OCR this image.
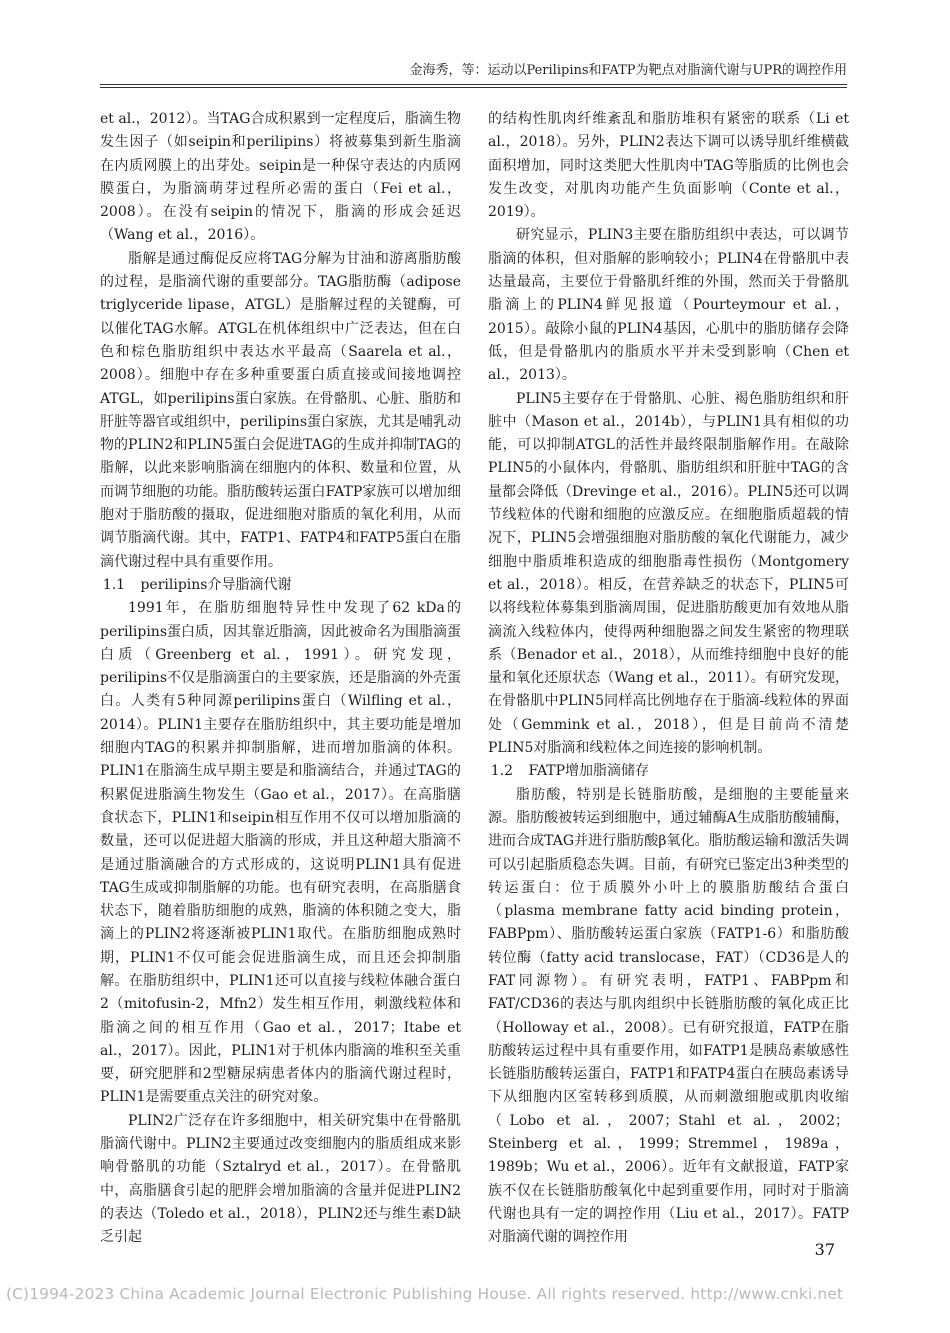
金海秀，等：运动以Perilipins和FATP为靶点对脂滴代谢与UPR的调控作用

et al.，2012）。当TAG合成积累到一定程度后，脂滴生物发生因子（如seipin和perilipins）将被募集到新生脂滴在内质网膜上的出芽处。seipin是一种保守表达的内质网膜蛋白，为脂滴萌芽过程所必需的蛋白（Fei et al.，2008）。在没有seipin的情况下，脂滴的形成会延迟（Wang et al.，2016）。

脂解是通过酶促反应将TAG分解为甘油和游离脂肪酸的过程，是脂滴代谢的重要部分。TAG脂肪酶（adipose triglyceride lipase，ATGL）是脂解过程的关键酶，可以催化TAG水解。ATGL在机体组织中广泛表达，但在白色和棕色脂肪组织中表达水平最高（Saarela et al.，2008）。细胞中存在多种重要蛋白质直接或间接地调控ATGL，如perilipins蛋白家族。在骨骼肌、心脏、脂肪和肝脏等器官或组织中，perilipins蛋白家族，尤其是哺乳动物的PLIN2和PLIN5蛋白会促进TAG的生成并抑制TAG的脂解，以此来影响脂滴在细胞内的体积、数量和位置，从而调节细胞的功能。脂肪酸转运蛋白FATP家族可以增加细胞对于脂肪酸的摄取，促进细胞对脂质的氧化利用，从而调节脂滴代谢。其中，FATP1、FATP4和FATP5蛋白在脂滴代谢过程中具有重要作用。

1.1 perilipins介导脂滴代谢

1991年，在脂肪细胞特异性中发现了62 kDa的perilipins蛋白质，因其靠近脂滴，因此被命名为围脂滴蛋白质（Greenberg et al.，1991）。研究发现，perilipins不仅是脂滴蛋白的主要家族，还是脂滴的外壳蛋白。人类有5种同源perilipins蛋白（Wilfling et al.，2014）。PLIN1主要存在脂肪组织中，其主要功能是增加细胞内TAG的积累并抑制脂解，进而增加脂滴的体积。PLIN1在脂滴生成早期主要是和脂滴结合，并通过TAG的积累促进脂滴生物发生（Gao et al.，2017）。在高脂膳食状态下，PLIN1和seipin相互作用不仅可以增加脂滴的数量，还可以促进超大脂滴的形成，并且这种超大脂滴不是通过脂滴融合的方式形成的，这说明PLIN1具有促进TAG生成或抑制脂解的功能。也有研究表明，在高脂膳食状态下，随着脂肪细胞的成熟，脂滴的体积随之变大，脂滴上的PLIN2将逐渐被PLIN1取代。在脂肪细胞成熟时期，PLIN1不仅可能会促进脂滴生成，而且还会抑制脂解。在脂肪组织中，PLIN1还可以直接与线粒体融合蛋白2（mitofusin-2，Mfn2）发生相互作用，刺激线粒体和脂滴之间的相互作用（Gao et al.，2017；Itabe et al.，2017）。因此，PLIN1对于机体内脂滴的堆积至关重要，研究肥胖和2型糖尿病患者体内的脂滴代谢过程时，PLIN1是需要重点关注的研究对象。

PLIN2广泛存在许多细胞中，相关研究集中在骨骼肌脂滴代谢中。PLIN2主要通过改变细胞内的脂质组成来影响骨骼肌的功能（Sztalryd et al.，2017）。在骨骼肌中，高脂膳食引起的肥胖会增加脂滴的含量并促进PLIN2的表达（Toledo et al.，2018），PLIN2还与维生素D缺乏引起

的结构性肌肉纤维紊乱和脂肪堆积有紧密的联系（Li et al.，2018）。另外，PLIN2表达下调可以诱导肌纤维横截面积增加，同时这类肥大性肌肉中TAG等脂质的比例也会发生改变，对肌肉功能产生负面影响（Conte et al.，2019）。

研究显示，PLIN3主要在脂肪组织中表达，可以调节脂滴的体积，但对脂解的影响较小；PLIN4在骨骼肌中表达量最高，主要位于骨骼肌纤维的外围，然而关于骨骼肌脂滴上的PLIN4鲜见报道（Pourteymour et al.，2015）。敲除小鼠的PLIN4基因，心肌中的脂肪储存会降低，但是骨骼肌内的脂质水平并未受到影响（Chen et al.，2013）。

PLIN5主要存在于骨骼肌、心脏、褐色脂肪组织和肝脏中（Mason et al.，2014b），与PLIN1具有相似的功能，可以抑制ATGL的活性并最终限制脂解作用。在敲除PLIN5的小鼠体内，骨骼肌、脂肪组织和肝脏中TAG的含量都会降低（Drevinge et al.，2016）。PLIN5还可以调节线粒体的代谢和细胞的应激反应。在细胞脂质超载的情况下，PLIN5会增强细胞对脂肪酸的氧化代谢能力，减少细胞中脂质堆积造成的细胞脂毒性损伤（Montgomery et al.，2018）。相反，在营养缺乏的状态下，PLIN5可以将线粒体募集到脂滴周围，促进脂肪酸更加有效地从脂滴流入线粒体内，使得两种细胞器之间发生紧密的物理联系（Benador et al.，2018），从而维持细胞中良好的能量和氧化还原状态（Wang et al.，2011）。有研究发现，在骨骼肌中PLIN5同样高比例地存在于脂滴-线粒体的界面处（Gemmink et al.，2018），但是目前尚不清楚PLIN5对脂滴和线粒体之间连接的影响机制。

1.2 FATP增加脂滴储存

脂肪酸，特别是长链脂肪酸，是细胞的主要能量来源。脂肪酸被转运到细胞中，通过辅酶A生成脂肪酸辅酶，进而合成TAG并进行脂肪酸β氧化。脂肪酸运输和激活失调可以引起脂质稳态失调。目前，有研究已鉴定出3种类型的转运蛋白：位于质膜外小叶上的膜脂肪酸结合蛋白（plasma membrane fatty acid binding protein，FABPpm）、脂肪酸转运蛋白家族（FATP1-6）和脂肪酸转位酶（fatty acid translocase，FAT）（CD36是人的FAT同源物）。有研究表明，FATP1、FABPpm和FAT/CD36的表达与肌肉组织中长链脂肪酸的氧化成正比（Holloway et al.，2008）。已有研究报道，FATP在脂肪酸转运过程中具有重要作用，如FATP1是胰岛素敏感性长链脂肪酸转运蛋白，FATP1和FATP4蛋白在胰岛素诱导下从细胞内区室转移到质膜，从而刺激细胞或肌肉收缩（Lobo et al.，2007；Stahl et al.，2002；Steinberg et al.，1999；Stremmel，1989a，1989b；Wu et al.，2006）。近年有文献报道，FATP家族不仅在长链脂肪酸氧化中起到重要作用，同时对于脂滴代谢也具有一定的调控作用（Liu et al.，2017）。FATP对脂滴代谢的调控作用

37
(C)1994-2023 China Academic Journal Electronic Publishing House. All rights reserved. http://www.cnki.net
